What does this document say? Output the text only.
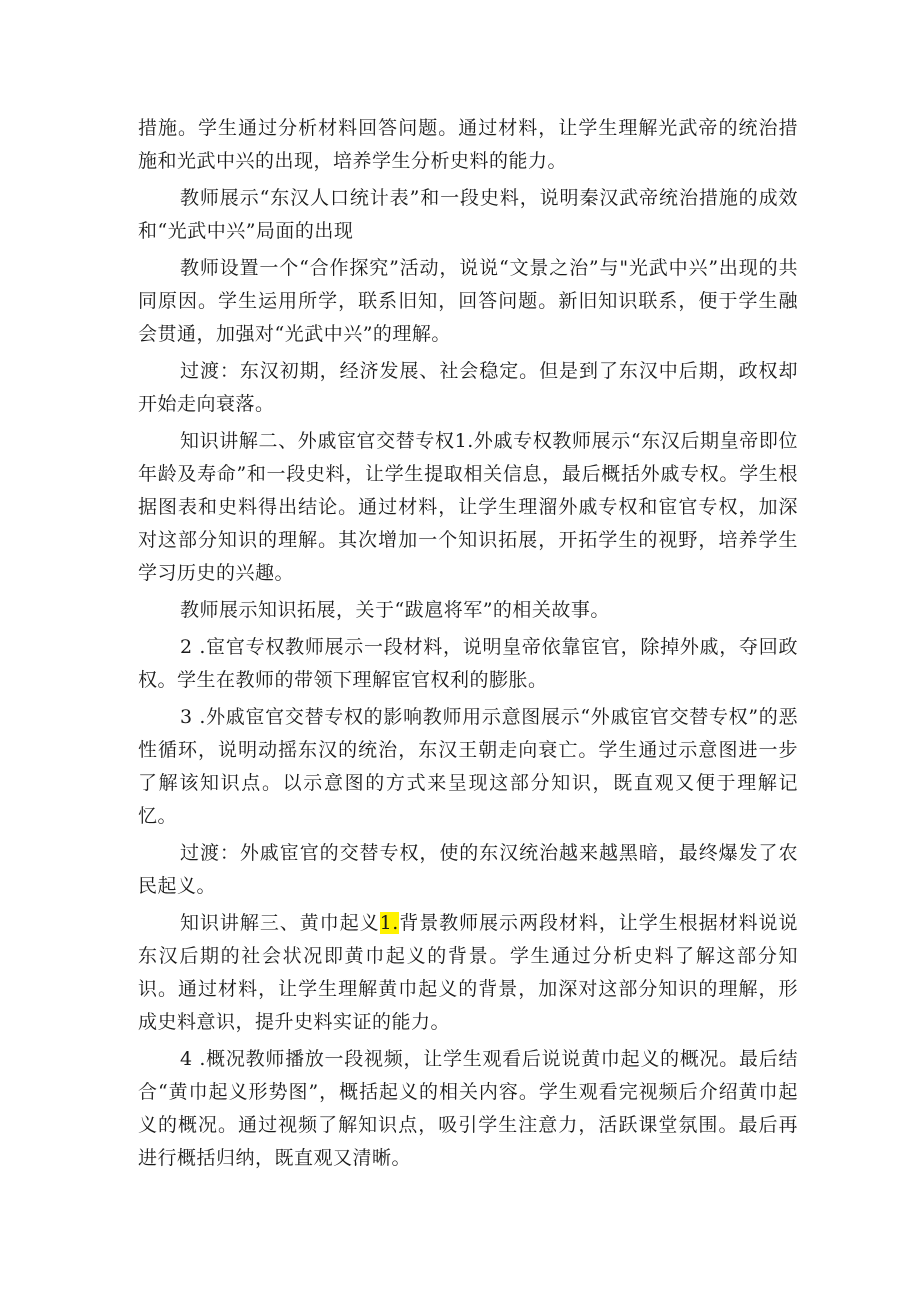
措施。学生通过分析材料回答问题。通过材料，让学生理解光武帝的统治措施和光武中兴的出现，培养学生分析史料的能力。

教师展示“东汉人口统计表”和一段史料，说明秦汉武帝统治措施的成效和“光武中兴”局面的出现

教师设置一个“合作探究”活动，说说“文景之治”与"光武中兴”出现的共同原因。学生运用所学，联系旧知，回答问题。新旧知识联系，便于学生融会贯通，加强对“光武中兴”的理解。

过渡：东汉初期，经济发展、社会稳定。但是到了东汉中后期，政权却开始走向衰落。

知识讲解二、外戚宦官交替专权1.外戚专权教师展示“东汉后期皇帝即位年龄及寿命”和一段史料，让学生提取相关信息，最后概括外戚专权。学生根据图表和史料得出结论。通过材料，让学生理溜外戚专权和宦官专权，加深对这部分知识的理解。其次增加一个知识拓展，开拓学生的视野，培养学生学习历史的兴趣。

教师展示知识拓展，关于“跋扈将军”的相关故事。

2 .宦官专权教师展示一段材料，说明皇帝依靠宦官，除掉外戚，夺回政权。学生在教师的带领下理解宦官权利的膨胀。

3 .外戚宦官交替专权的影响教师用示意图展示“外戚宦官交替专权”的恶性循环，说明动摇东汉的统治，东汉王朝走向衰亡。学生通过示意图进一步了解该知识点。以示意图的方式来呈现这部分知识，既直观又便于理解记忆。

过渡：外戚宦官的交替专权，使的东汉统治越来越黑暗，最终爆发了农民起义。

知识讲解三、黄巾起义1.背景教师展示两段材料，让学生根据材料说说东汉后期的社会状况即黄巾起义的背景。学生通过分析史料了解这部分知识。通过材料，让学生理解黄巾起义的背景，加深对这部分知识的理解，形成史料意识，提升史料实证的能力。

4 .概况教师播放一段视频，让学生观看后说说黄巾起义的概况。最后结合“黄巾起义形势图”，概括起义的相关内容。学生观看完视频后介绍黄巾起义的概况。通过视频了解知识点，吸引学生注意力，活跃课堂氛围。最后再进行概括归纳，既直观又清晰。
